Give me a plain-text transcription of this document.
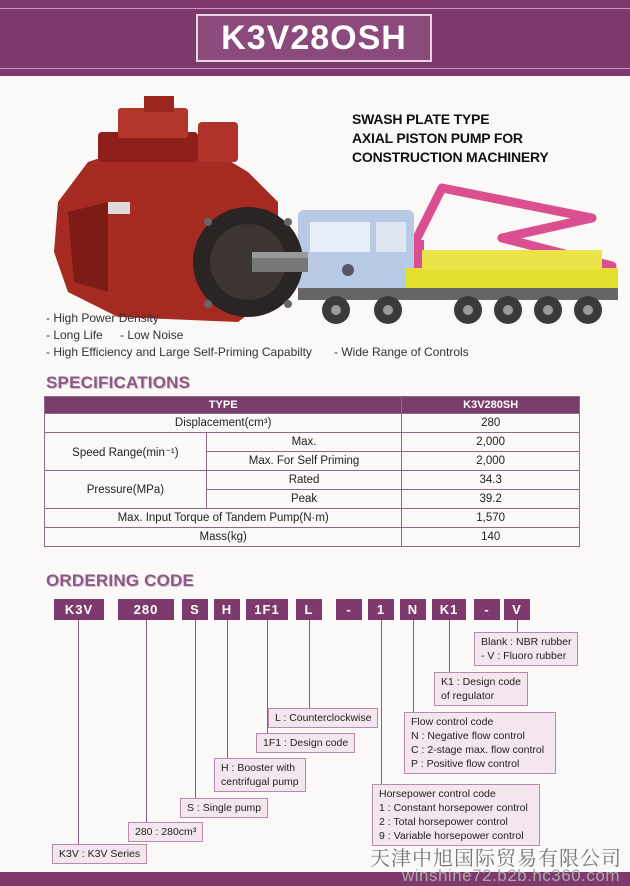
K3V28OSH
SWASH PLATE TYPE
AXIAL PISTON PUMP FOR
CONSTRUCTION MACHINERY
- High Power Density
- Long Life - Low Noise
- High Efficiency and Large Self-Priming Capabilty - Wide Range of Controls
SPECIFICATIONS
TYPE		K3V280SH
Displacement(cm³)		280
Speed Range(min⁻¹)	Max.	2,000
	Max. For Self Priming	2,000
Pressure(MPa)	Rated	34.3
	Peak	39.2
Max. Input Torque of Tandem Pump(N·m)		1,570
Mass(kg)		140
ORDERING CODE
K3V	280	S	H	1F1	L	-	1	N	K1	-	V
K3V : K3V Series
280 : 280cm³
S : Single pump
H : Booster with
centrifugal pump
1F1 : Design code
L : Counterclockwise
Horsepower control code
1 : Constant horsepower control
2 : Total horsepower control
9 : Variable horsepower control
Flow control code
N : Negative flow control
C : 2-stage max. flow control
P : Positive flow control
K1 : Design code
of regulator
Blank : NBR rubber
- V : Fluoro rubber
天津中旭国际贸易有限公司
winshine72.b2b.hc360.com
